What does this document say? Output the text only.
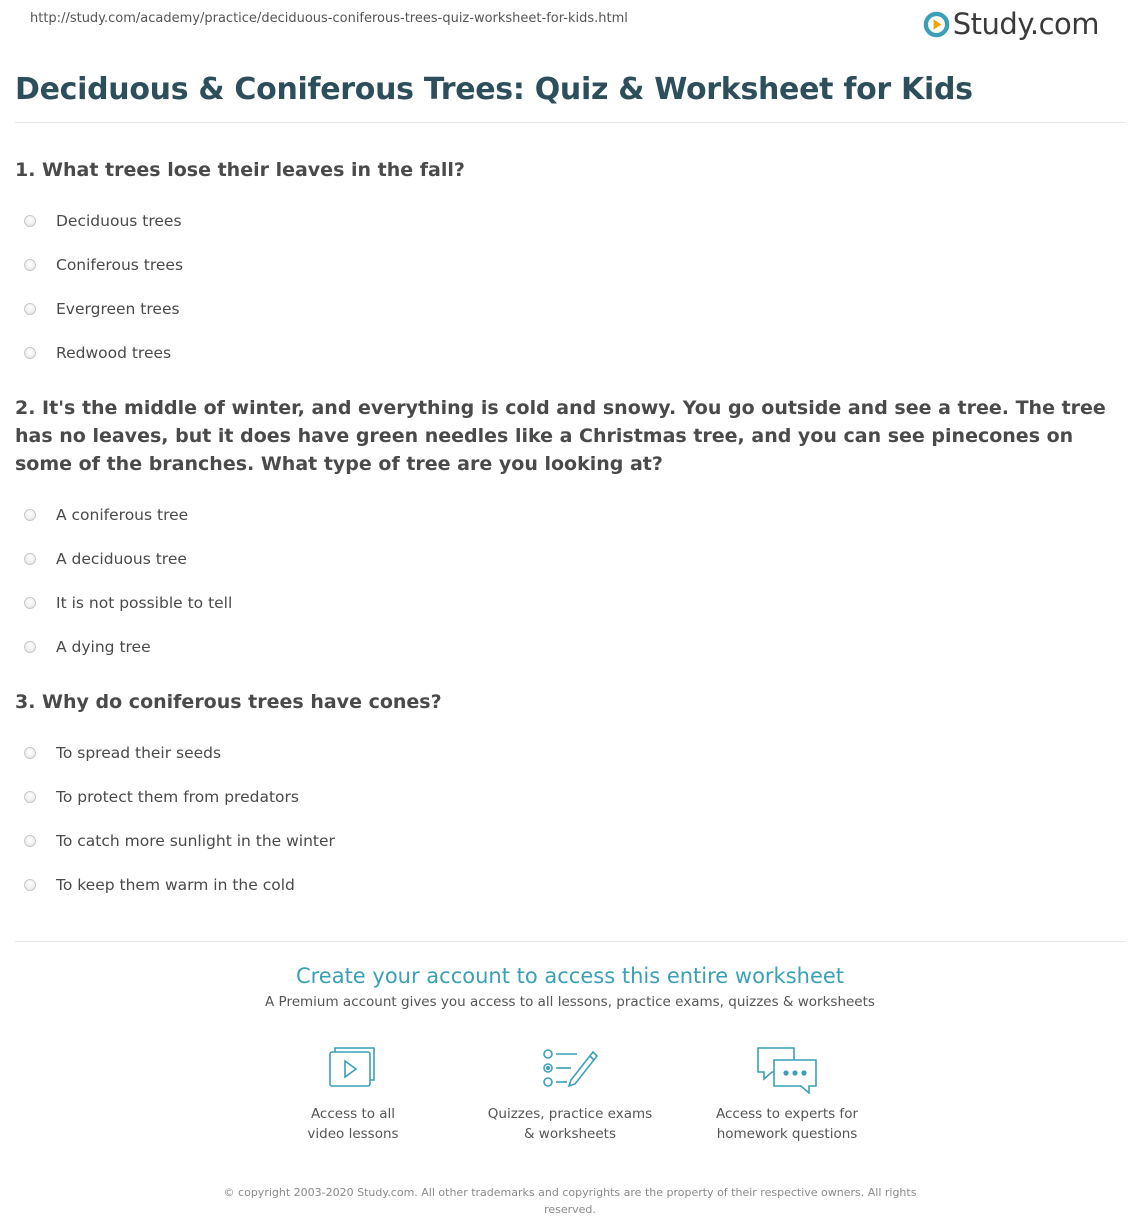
http://study.com/academy/practice/deciduous-coniferous-trees-quiz-worksheet-for-kids.html	Study.com
Deciduous & Coniferous Trees: Quiz & Worksheet for Kids
1. What trees lose their leaves in the fall?
Deciduous trees
Coniferous trees
Evergreen trees
Redwood trees
2. It's the middle of winter, and everything is cold and snowy. You go outside and see a tree. The tree has no leaves, but it does have green needles like a Christmas tree, and you can see pinecones on some of the branches. What type of tree are you looking at?
A coniferous tree
A deciduous tree
It is not possible to tell
A dying tree
3. Why do coniferous trees have cones?
To spread their seeds
To protect them from predators
To catch more sunlight in the winter
To keep them warm in the cold
Create your account to access this entire worksheet
A Premium account gives you access to all lessons, practice exams, quizzes & worksheets
Access to all
video lessons
Quizzes, practice exams
& worksheets
Access to experts for
homework questions
© copyright 2003-2020 Study.com. All other trademarks and copyrights are the property of their respective owners. All rights reserved.
